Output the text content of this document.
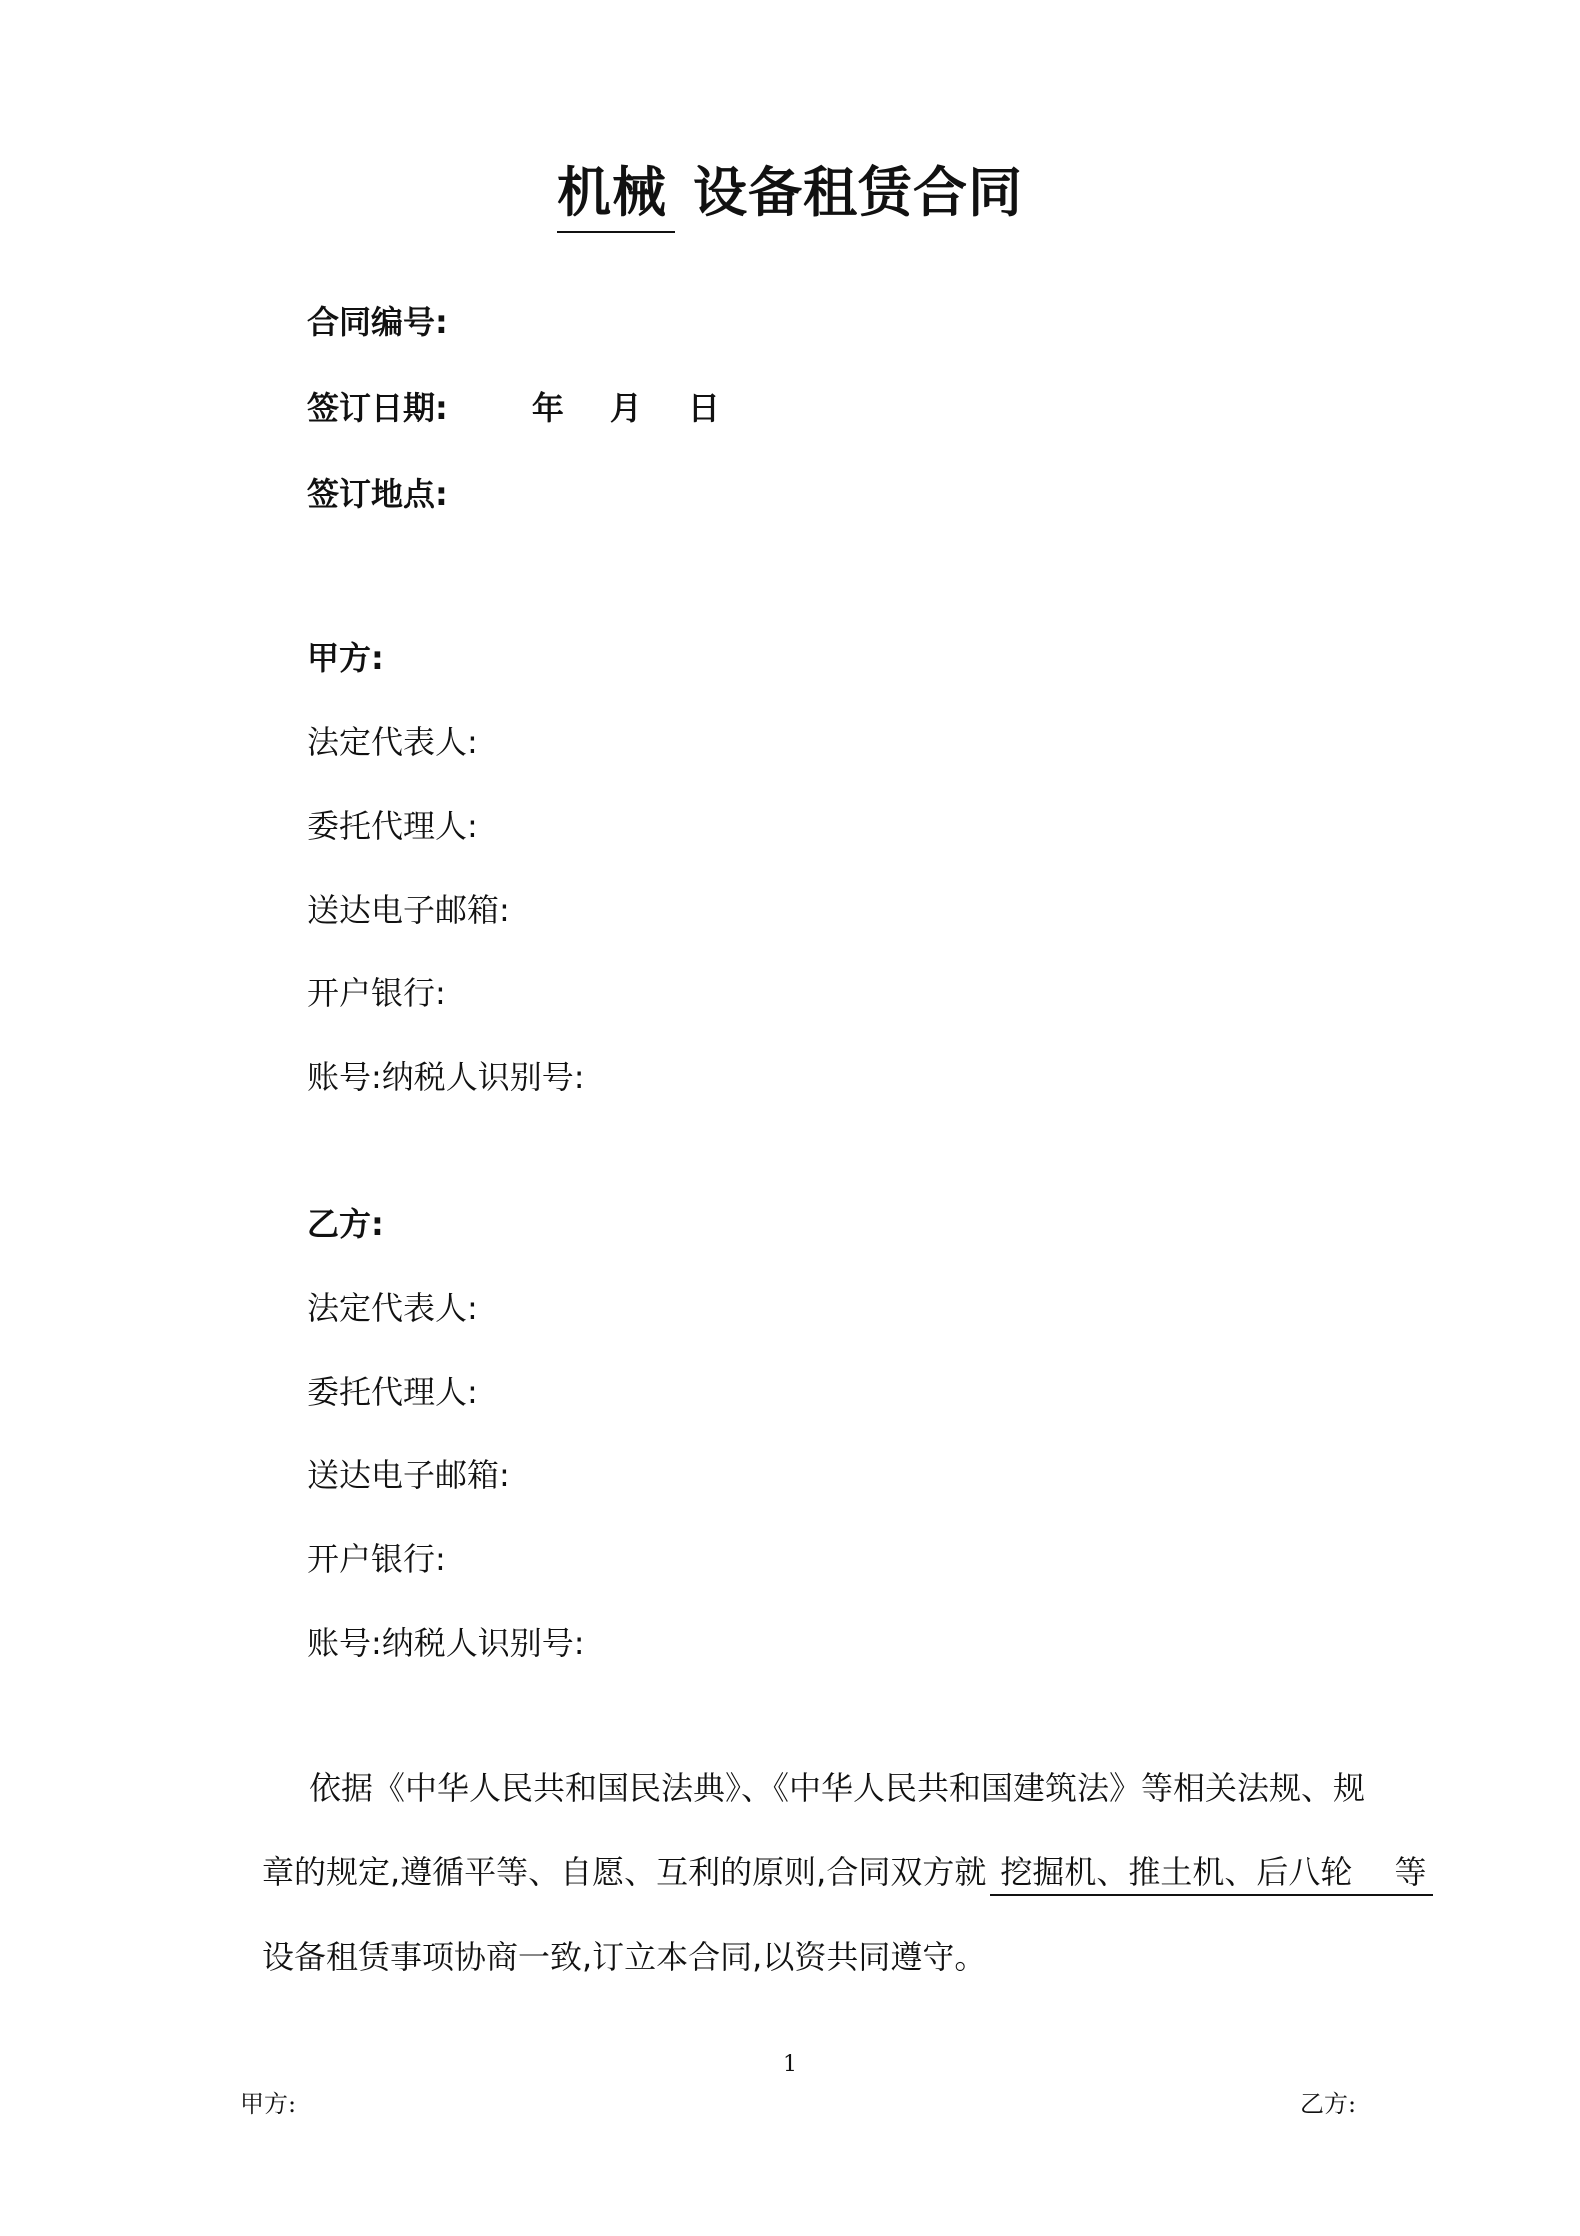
机械 设备租赁合同
合同编号:
签订日期:	年 月 日
签订地点:
甲方:
法定代表人:
委托代理人:
送达电子邮箱:
开户银行:
账号:纳税人识别号:
乙方:
法定代表人:
委托代理人:
送达电子邮箱:
开户银行:
账号:纳税人识别号:
依据《中华人民共和国民法典》、《中华人民共和国建筑法》等相关法规、规
章的规定,遵循平等、自愿、互利的原则,合同双方就 挖掘机、推土机、后八轮　 等
设备租赁事项协商一致,订立本合同,以资共同遵守。
1
甲方:	乙方:
